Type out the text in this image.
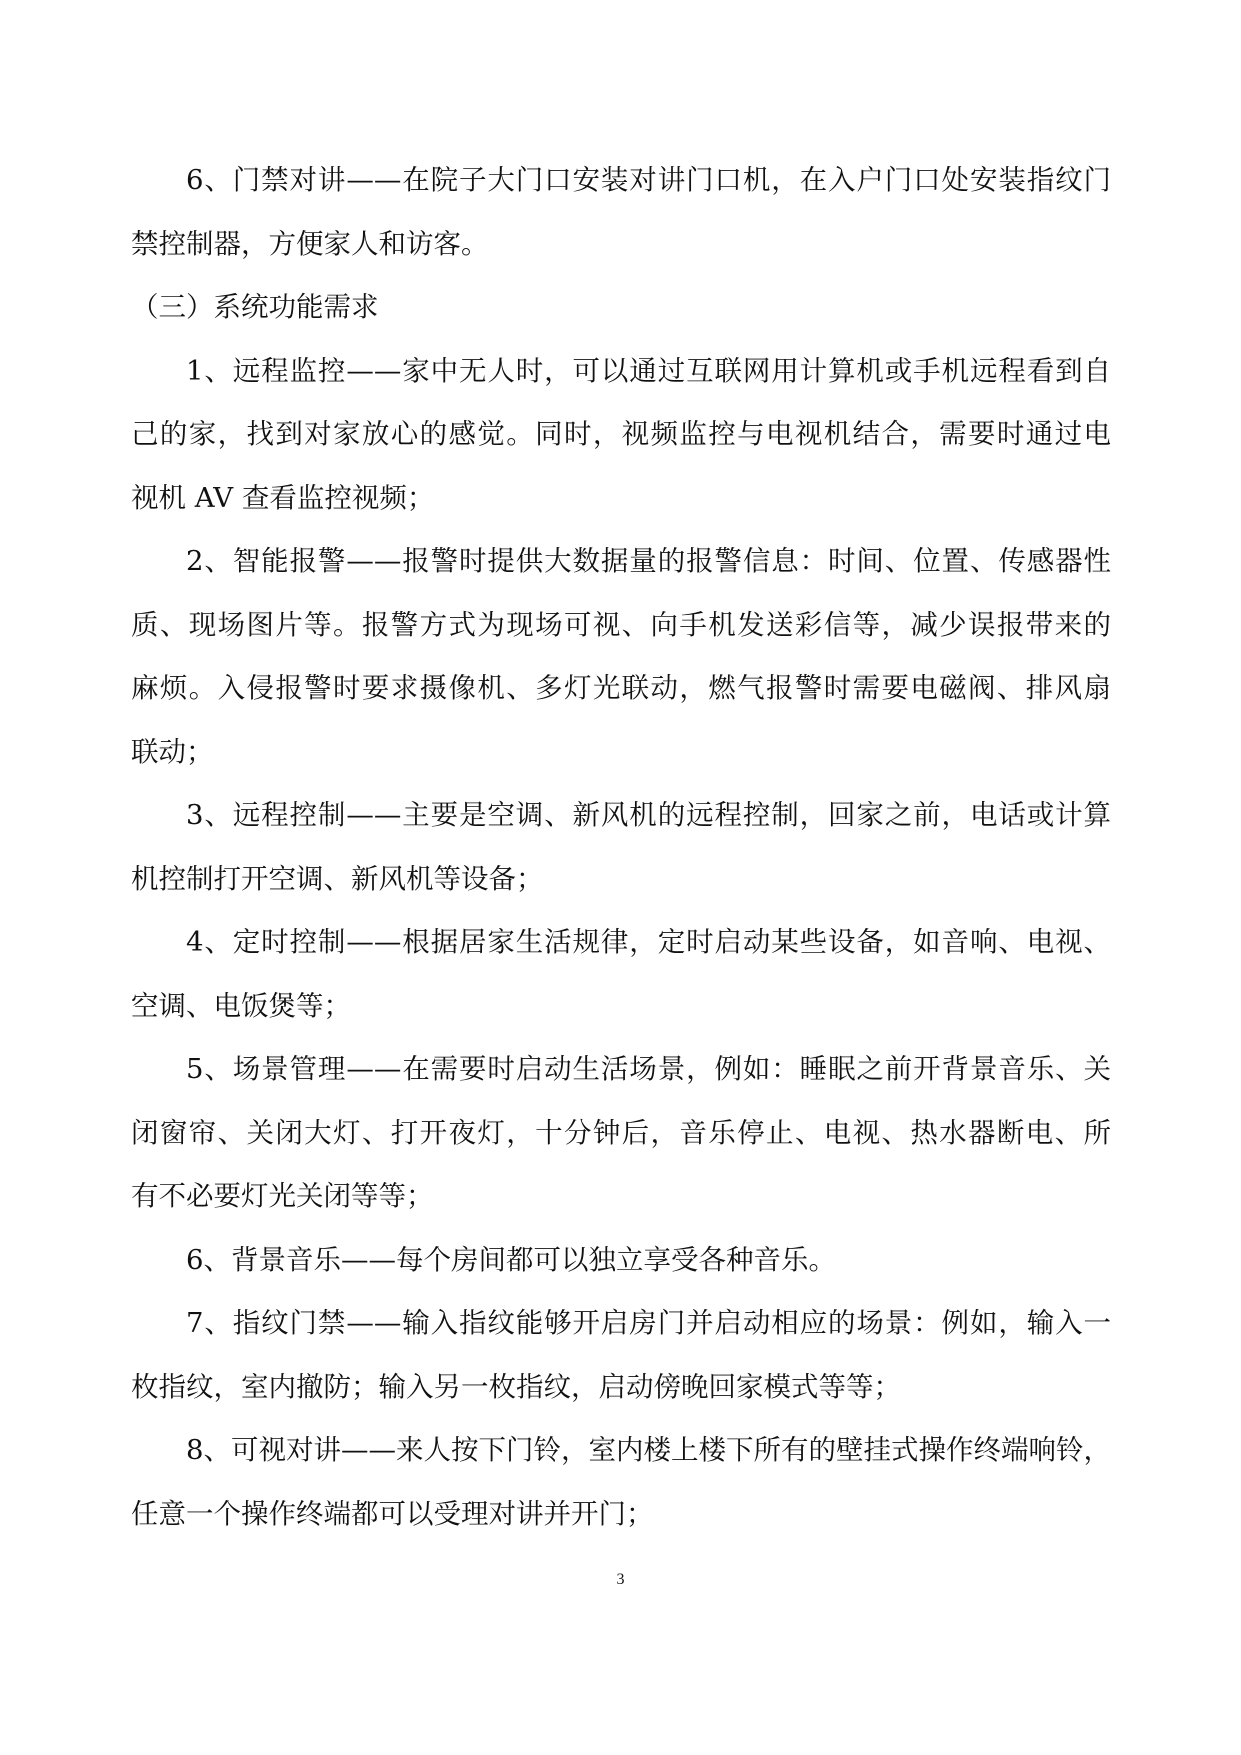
6、门禁对讲——在院子大门口安装对讲门口机，在入户门口处安装指纹门
禁控制器，方便家人和访客。
（三）系统功能需求
1、远程监控——家中无人时，可以通过互联网用计算机或手机远程看到自
己的家，找到对家放心的感觉。同时，视频监控与电视机结合，需要时通过电
视机 AV 查看监控视频；
2、智能报警——报警时提供大数据量的报警信息：时间、位置、传感器性
质、现场图片等。报警方式为现场可视、向手机发送彩信等，减少误报带来的
麻烦。入侵报警时要求摄像机、多灯光联动，燃气报警时需要电磁阀、排风扇
联动；
3、远程控制——主要是空调、新风机的远程控制，回家之前，电话或计算
机控制打开空调、新风机等设备；
4、定时控制——根据居家生活规律，定时启动某些设备，如音响、电视、
空调、电饭煲等；
5、场景管理——在需要时启动生活场景，例如：睡眠之前开背景音乐、关
闭窗帘、关闭大灯、打开夜灯，十分钟后，音乐停止、电视、热水器断电、所
有不必要灯光关闭等等；
6、背景音乐——每个房间都可以独立享受各种音乐。
7、指纹门禁——输入指纹能够开启房门并启动相应的场景：例如，输入一
枚指纹，室内撤防；输入另一枚指纹，启动傍晚回家模式等等；
8、可视对讲——来人按下门铃，室内楼上楼下所有的壁挂式操作终端响铃，
任意一个操作终端都可以受理对讲并开门；
3
